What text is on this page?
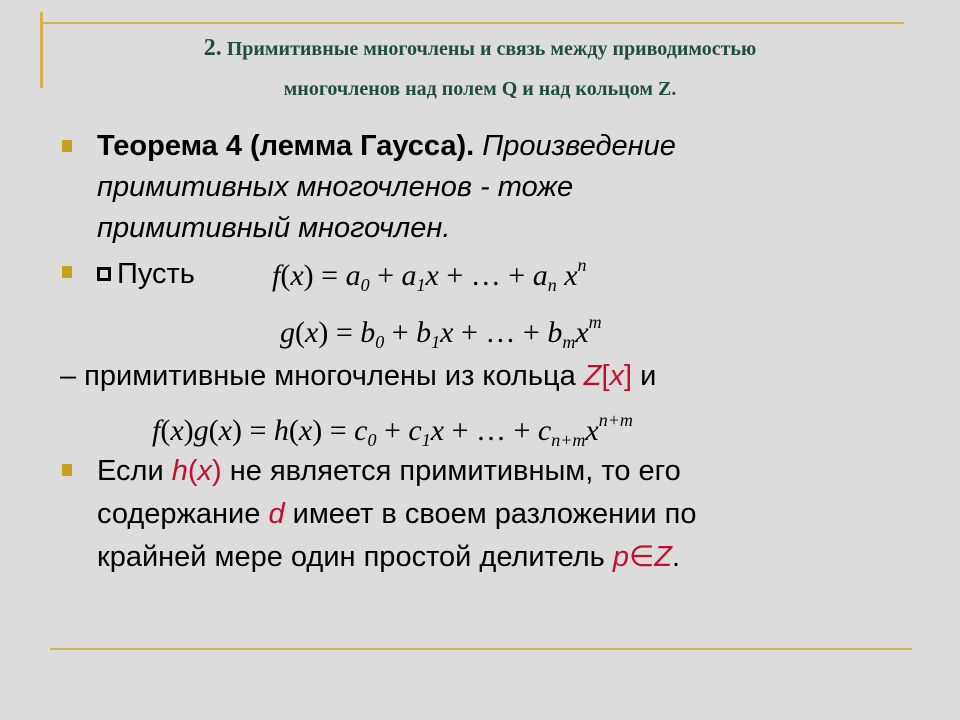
2. Примитивные многочлены и связь между приводимостью
многочленов над полем Q и над кольцом Z.
Теорема 4 (лемма Гаусса). Произведение
примитивных многочленов - тоже
примитивный многочлен.
Пусть	$f(x) = a_0 + a_1x$ + … + $a_n$ $x^n$
$g(x) = b_0 + b_1x$ + … + $b_mx^m$
– примитивные многочлены из кольца Z[x] и
$f(x)g(x) = h(x) = c_0 + c_1x$ + … + $c_{n+m}x^{n+m}$
Если h(x) не является примитивным, то его
содержание d имеет в своем разложении по
крайней мере один простой делитель p∈Z.
